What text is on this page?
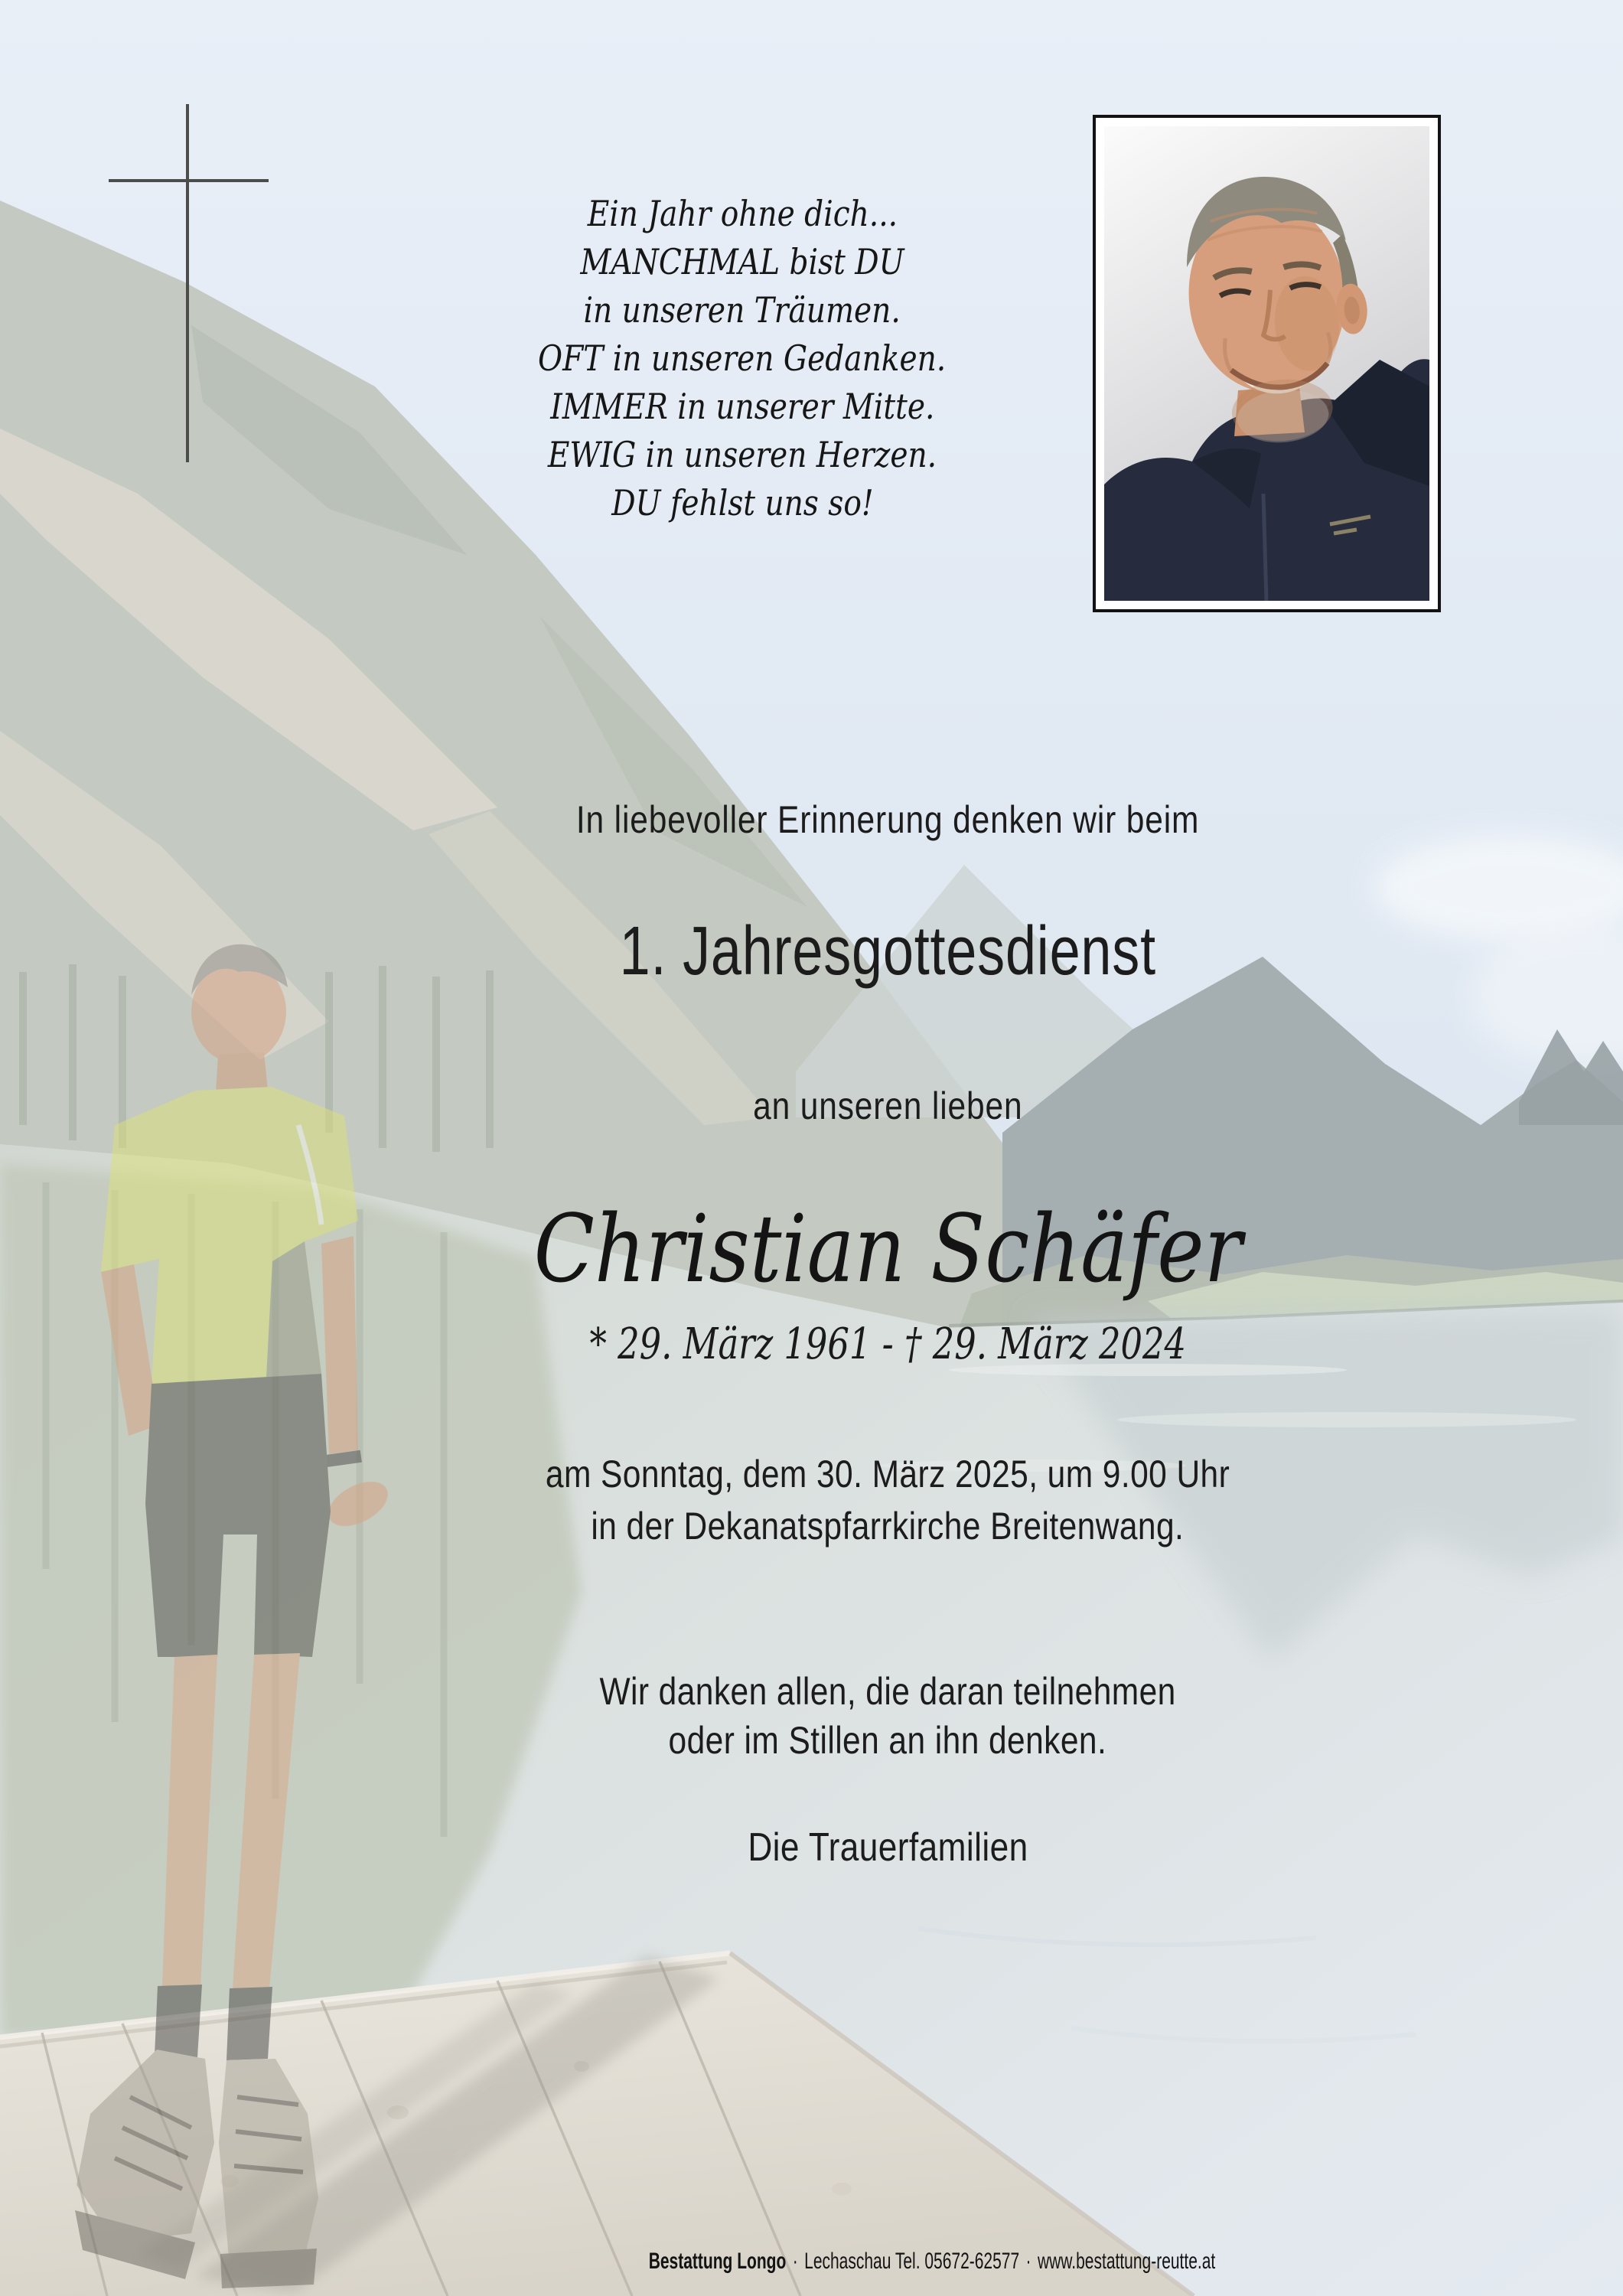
Ein Jahr ohne dich...
MANCHMAL bist DU
in unseren Träumen.
OFT in unseren Gedanken.
IMMER in unserer Mitte.
EWIG in unseren Herzen.
DU fehlst uns so!
In liebevoller Erinnerung denken wir beim
1. Jahresgottesdienst
an unseren lieben
Christian Schäfer
* 29. März 1961 - † 29. März 2024
am Sonntag, dem 30. März 2025, um 9.00 Uhr
in der Dekanatspfarrkirche Breitenwang.
Wir danken allen, die daran teilnehmen
oder im Stillen an ihn denken.
Die Trauerfamilien
Bestattung Longo · Lechaschau Tel. 05672-62577 · www.bestattung-reutte.at
